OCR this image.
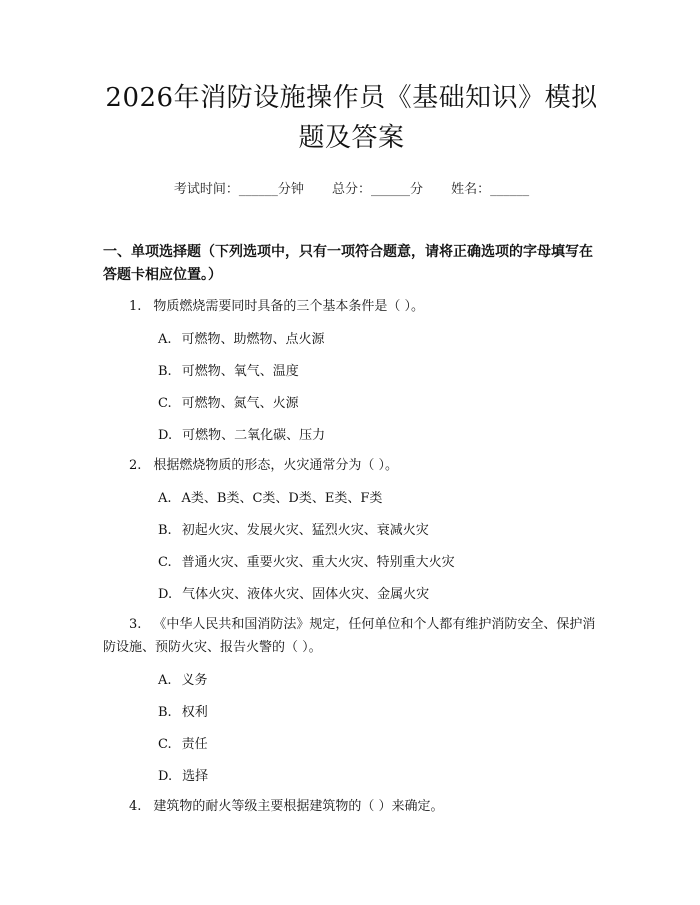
2026年消防设施操作员《基础知识》模拟题及答案
考试时间：______分钟 总分：______分 姓名：______
一、单项选择题（下列选项中，只有一项符合题意，请将正确选项的字母填写在答题卡相应位置。）
1. 物质燃烧需要同时具备的三个基本条件是（ ）。
A. 可燃物、助燃物、点火源
B. 可燃物、氧气、温度
C. 可燃物、氮气、火源
D. 可燃物、二氧化碳、压力
2. 根据燃烧物质的形态，火灾通常分为（ ）。
A. A类、B类、C类、D类、E类、F类
B. 初起火灾、发展火灾、猛烈火灾、衰减火灾
C. 普通火灾、重要火灾、重大火灾、特别重大火灾
D. 气体火灾、液体火灾、固体火灾、金属火灾
3. 《中华人民共和国消防法》规定，任何单位和个人都有维护消防安全、保护消防设施、预防火灾、报告火警的（ ）。
A. 义务
B. 权利
C. 责任
D. 选择
4. 建筑物的耐火等级主要根据建筑物的（ ）来确定。
